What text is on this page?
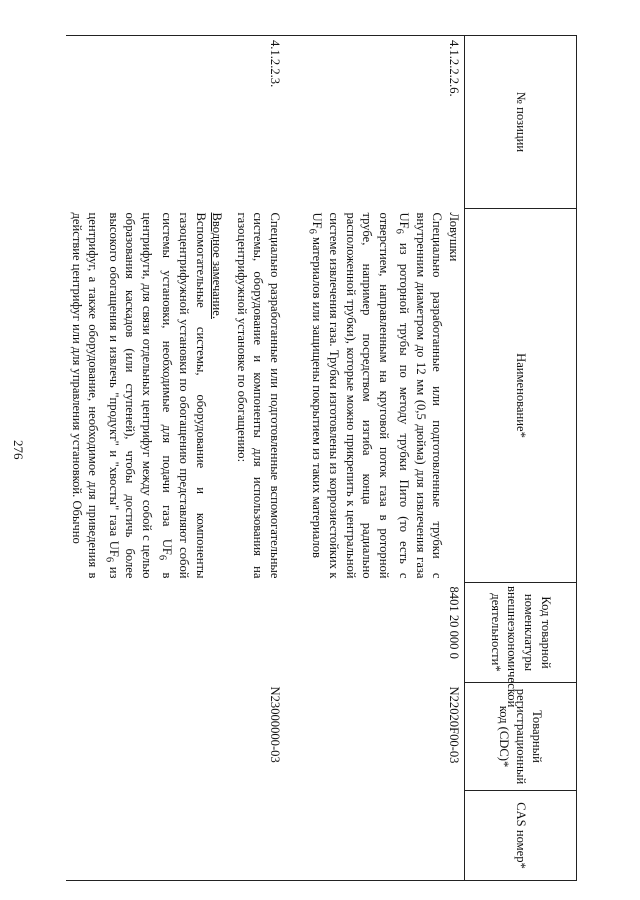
276
№ позиции	Наименование*	Код товарной номенклатуры внешнеэкономической деятельности*	Товарный регистрационный код (CDC)*	CAS номер*
4.1.2.2.2.6.	Ловушки
Специально разработанные или подготовленные трубки с внутренним диаметром до 12 мм (0,5 дюйма) для извлечения газа $UF_6$ из роторной трубы по методу трубки Пито (то есть с отверстием, направленным на круговой поток газа в роторной трубе, например посредством изгиба конца радиально расположенной трубки), которые можно прикрепить к центральной системе извлечения газа. Трубки изготовлены из коррозиестойких к $UF_6$ материалов или защищены покрытием из таких материалов	8401 20 000 0	N22020F00-03	

4.1.2.2.3.	Специально разработанные или подготовленные вспомогательные системы, оборудование и компоненты для использования на газоцентрифужной установке по обогащению:
Вводное замечание.
Вспомогательные системы, оборудование и компоненты газоцентрифужной установки по обогащению представляют собой системы установки, необходимые для подачи газа $UF_6$ в центрифуги, для связи отдельных центрифуг между собой с целью образования каскадов (или ступеней), чтобы достичь более высокого обогащения и извлечь "продукт" и "хвосты" газа $UF_6$ из центрифуг, а также оборудование, необходимое для приведения в действие центрифуг или для управления установкой. Обычно		N23000000-03	
